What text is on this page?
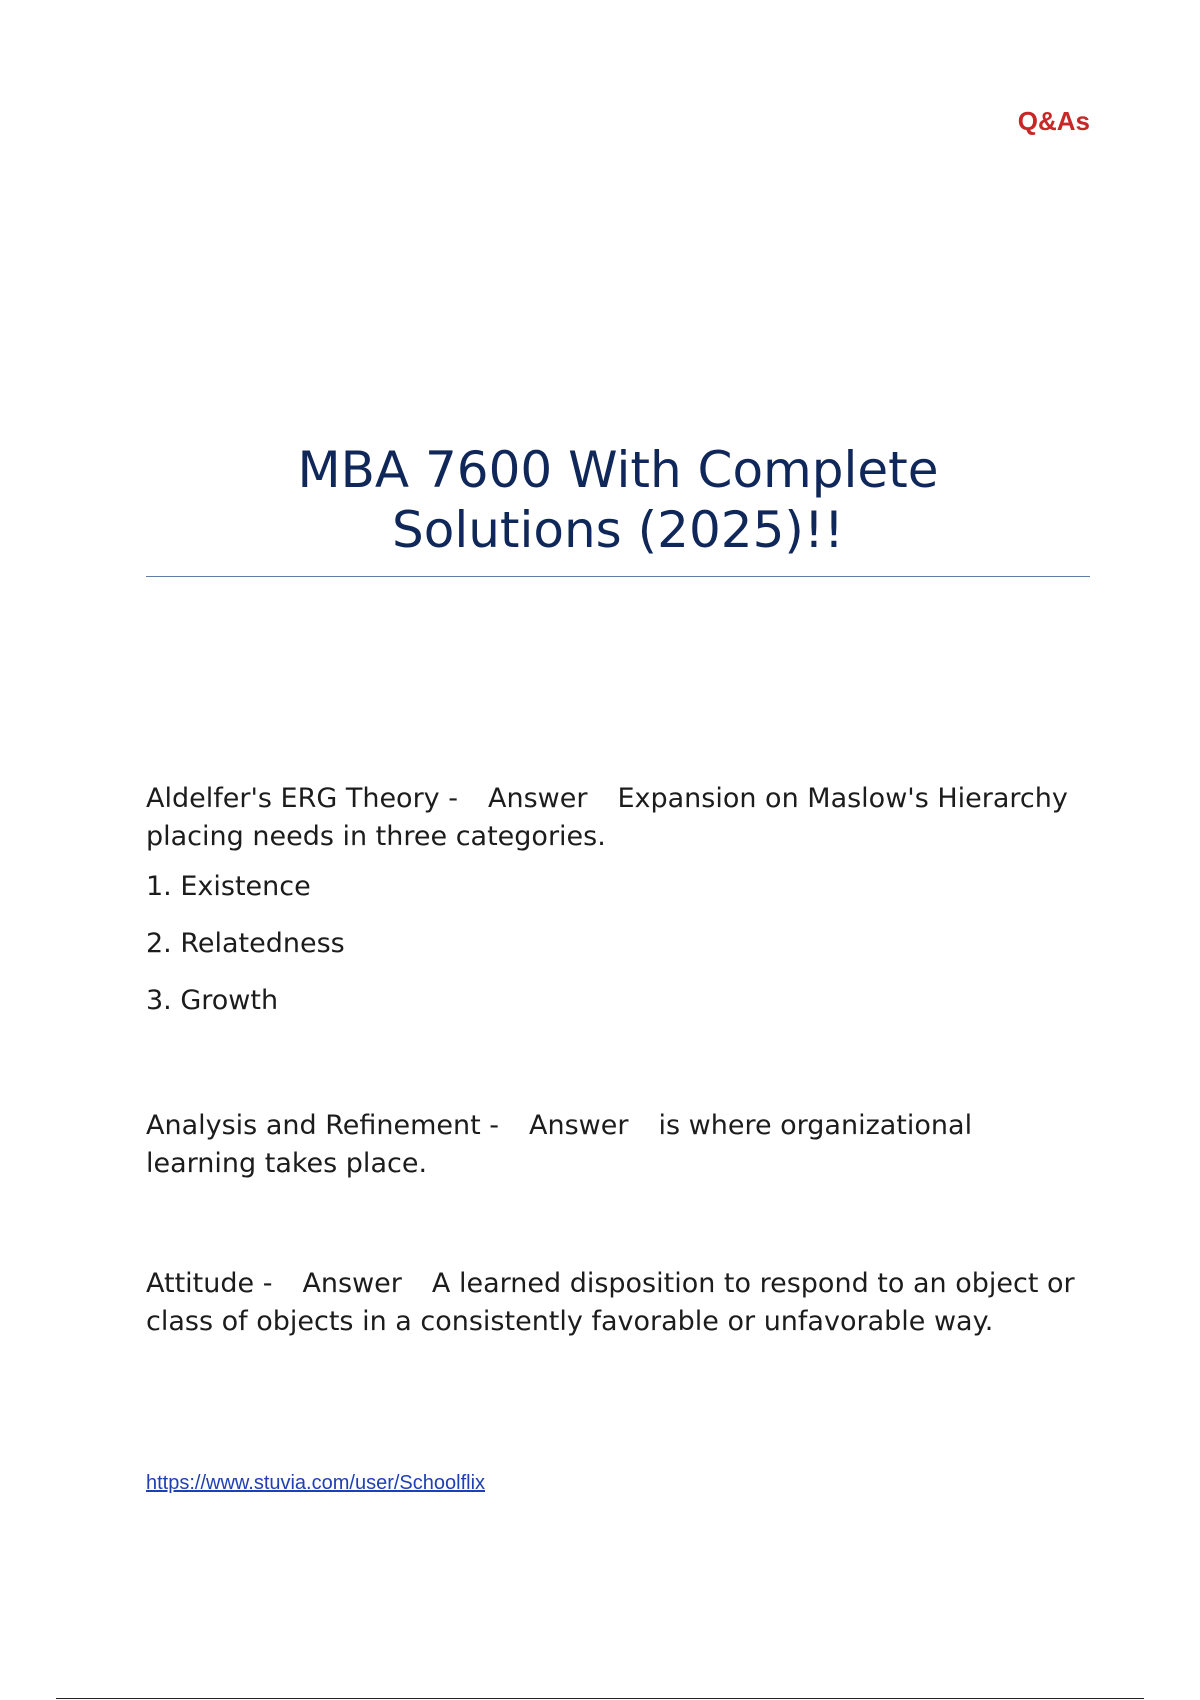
Q&As
MBA 7600 With Complete
Solutions (2025)!!

Aldelfer's ERG Theory - Answer Expansion on Maslow's Hierarchy placing needs in three categories.

1. Existence

2. Relatedness

3. Growth

Analysis and Refinement - Answer is where organizational learning takes place.

Attitude - Answer A learned disposition to respond to an object or class of objects in a consistently favorable or unfavorable way.

https://www.stuvia.com/user/Schoolflix
